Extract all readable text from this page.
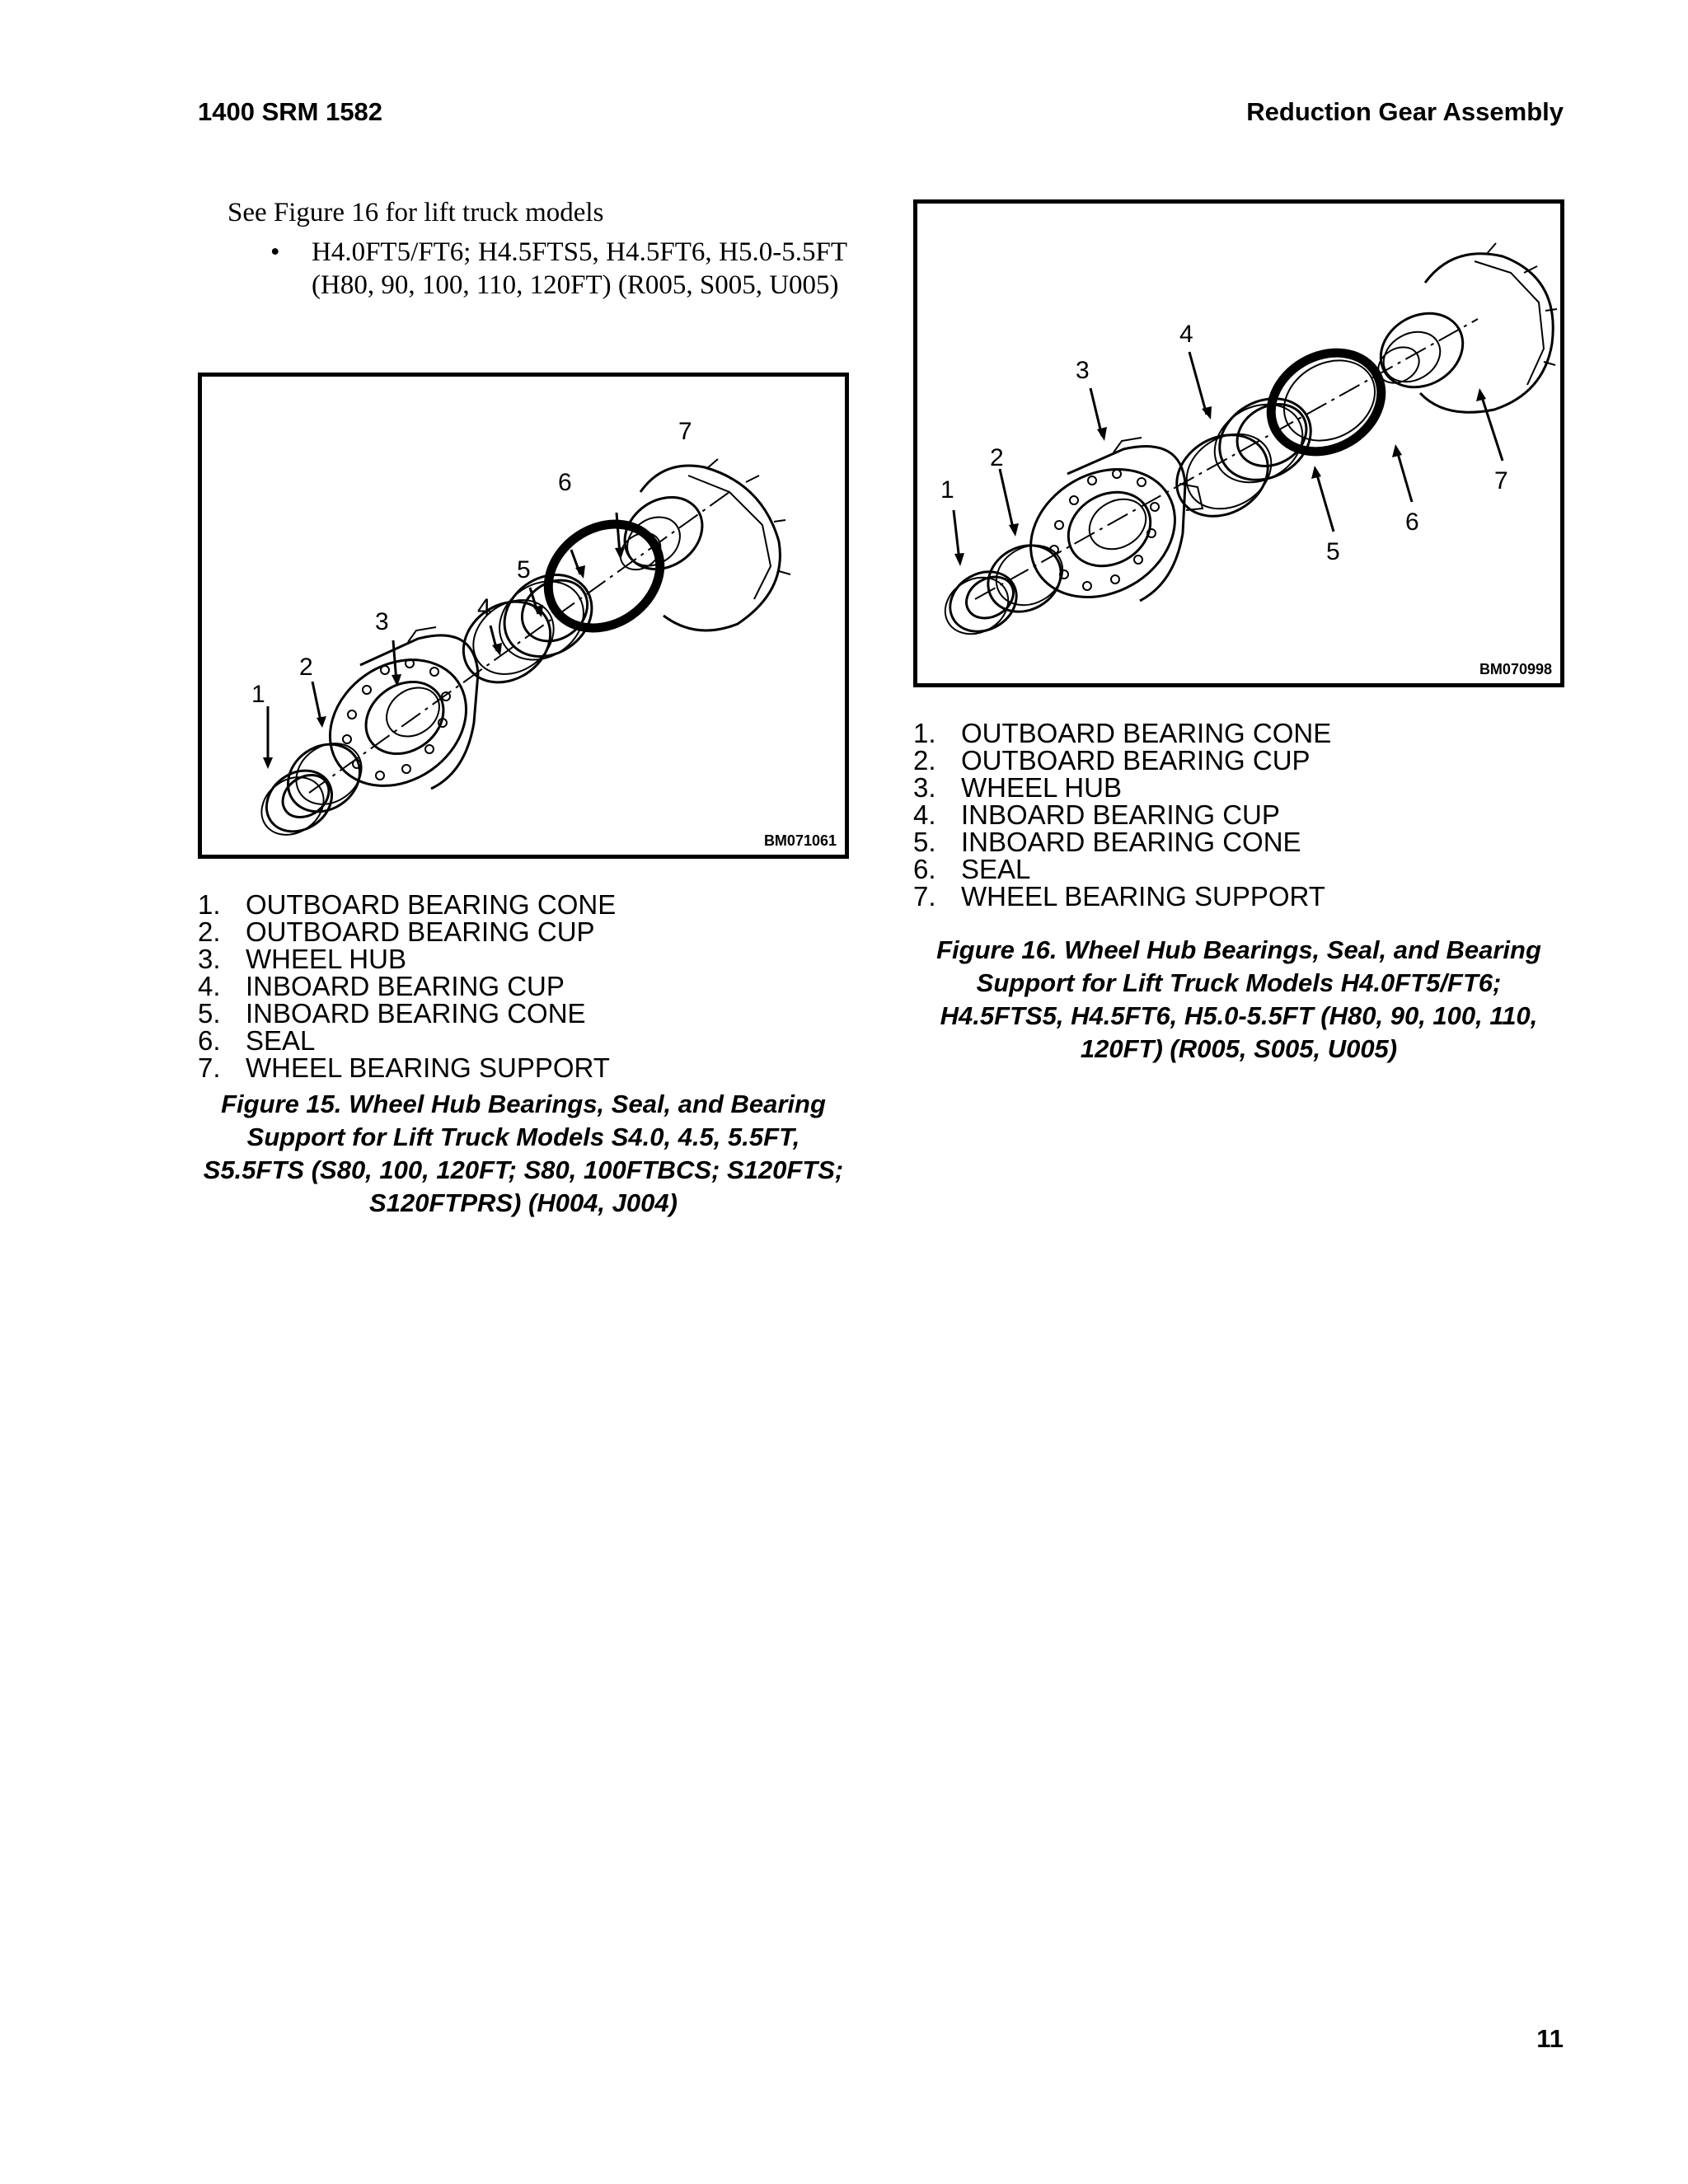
1400 SRM 1582	Reduction Gear Assembly

See Figure 16 for lift truck models

• H4.0FT5/FT6; H4.5FTS5, H4.5FT6, H5.0-5.5FT (H80, 90, 100, 110, 120FT) (R005, S005, U005)
1
2
3
4
5
6
7
BM071061
1. OUTBOARD BEARING CONE
2. OUTBOARD BEARING CUP
3. WHEEL HUB
4. INBOARD BEARING CUP
5. INBOARD BEARING CONE
6. SEAL
7. WHEEL BEARING SUPPORT
Figure 15. Wheel Hub Bearings, Seal, and Bearing Support for Lift Truck Models S4.0, 4.5, 5.5FT, S5.5FTS (S80, 100, 120FT; S80, 100FTBCS; S120FTS; S120FTPRS) (H004, J004)
1
2
3
4
5
6
7
BM070998
1. OUTBOARD BEARING CONE
2. OUTBOARD BEARING CUP
3. WHEEL HUB
4. INBOARD BEARING CUP
5. INBOARD BEARING CONE
6. SEAL
7. WHEEL BEARING SUPPORT
Figure 16. Wheel Hub Bearings, Seal, and Bearing Support for Lift Truck Models H4.0FT5/FT6; H4.5FTS5, H4.5FT6, H5.0-5.5FT (H80, 90, 100, 110, 120FT) (R005, S005, U005)
11
